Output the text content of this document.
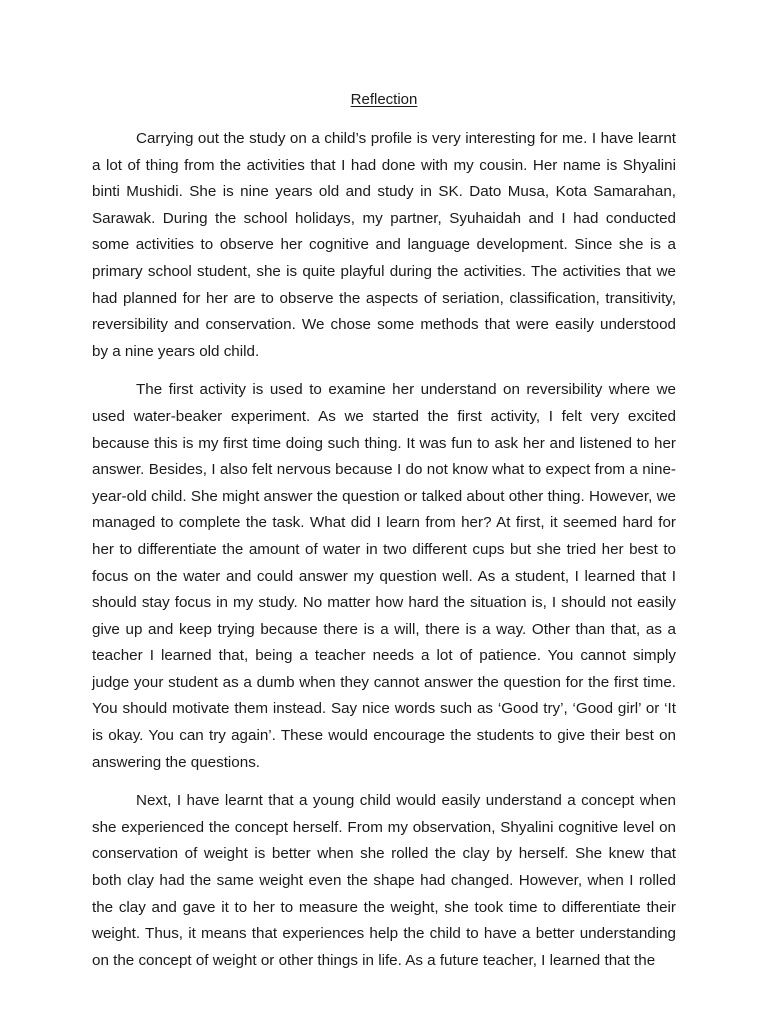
Reflection

Carrying out the study on a child’s profile is very interesting for me. I have learnt a lot of thing from the activities that I had done with my cousin. Her name is Shyalini binti Mushidi. She is nine years old and study in SK. Dato Musa, Kota Samarahan, Sarawak. During the school holidays, my partner, Syuhaidah and I had conducted some activities to observe her cognitive and language development. Since she is a primary school student, she is quite playful during the activities. The activities that we had planned for her are to observe the aspects of seriation, classification, transitivity, reversibility and conservation. We chose some methods that were easily understood by a nine years old child.

The first activity is used to examine her understand on reversibility where we used water-beaker experiment. As we started the first activity, I felt very excited because this is my first time doing such thing. It was fun to ask her and listened to her answer. Besides, I also felt nervous because I do not know what to expect from a nine-year-old child. She might answer the question or talked about other thing. However, we managed to complete the task. What did I learn from her? At first, it seemed hard for her to differentiate the amount of water in two different cups but she tried her best to focus on the water and could answer my question well. As a student, I learned that I should stay focus in my study. No matter how hard the situation is, I should not easily give up and keep trying because there is a will, there is a way. Other than that, as a teacher I learned that, being a teacher needs a lot of patience. You cannot simply judge your student as a dumb when they cannot answer the question for the first time. You should motivate them instead. Say nice words such as ‘Good try’, ‘Good girl’ or ‘It is okay. You can try again’. These would encourage the students to give their best on answering the questions.

Next, I have learnt that a young child would easily understand a concept when she experienced the concept herself. From my observation, Shyalini cognitive level on conservation of weight is better when she rolled the clay by herself. She knew that both clay had the same weight even the shape had changed. However, when I rolled the clay and gave it to her to measure the weight, she took time to differentiate their weight. Thus, it means that experiences help the child to have a better understanding on the concept of weight or other things in life. As a future teacher, I learned that the
